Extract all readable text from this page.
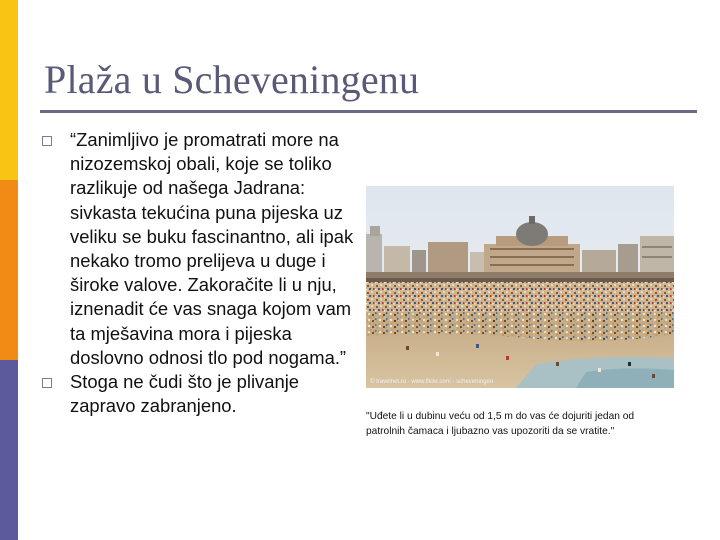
Plaža u Scheveningenu
“Zanimljivo je promatrati more na nizozemskoj obali, koje se toliko razlikuje od našega Jadrana: sivkasta tekućina puna pijeska uz veliku se buku fascinantno, ali ipak nekako tromo prelijeva u duge i široke valove. Zakoračite li u nju, iznenadit će vas snaga kojom vam ta mješavina mora i pijeska doslovno odnosi tlo pod nogama.”
Stoga ne čudi što je plivanje zapravo zabranjeno.
© travelnet.ru · www.flickr.com · scheveningen

"Uđete li u dubinu veću od 1,5 m do vas će dojuriti jedan od patrolnih čamaca i ljubazno vas upozoriti da se vratite."
